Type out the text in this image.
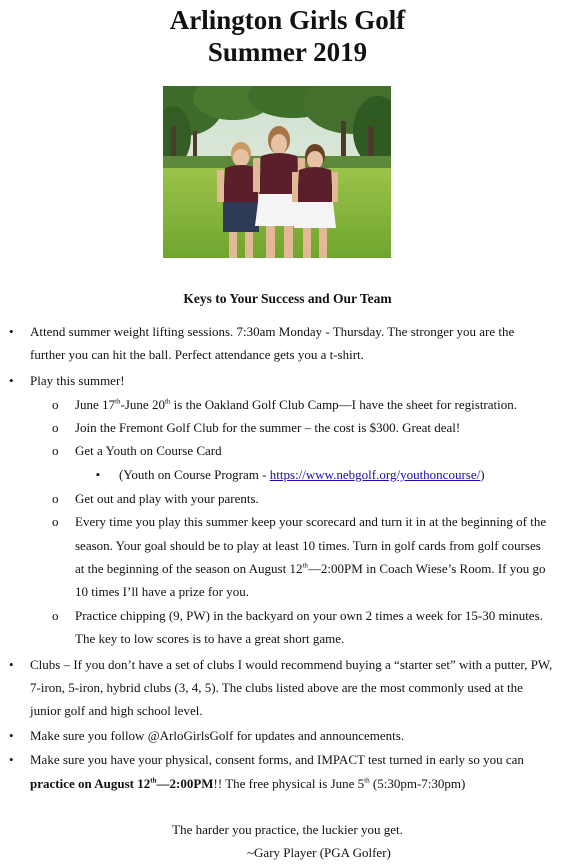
Arlington Girls Golf
Summer 2019
Keys to Your Success and Our Team
• Attend summer weight lifting sessions. 7:30am Monday - Thursday. The stronger you are the
further you can hit the ball. Perfect attendance gets you a t-shirt.
• Play this summer!
o June 17th-June 20th is the Oakland Golf Club Camp—I have the sheet for registration.
o Join the Fremont Golf Club for the summer – the cost is $300. Great deal!
o Get a Youth on Course Card
▪ (Youth on Course Program - https://www.nebgolf.org/youthoncourse/)
o Get out and play with your parents.
o Every time you play this summer keep your scorecard and turn it in at the beginning of the
season. Your goal should be to play at least 10 times. Turn in golf cards from golf courses
at the beginning of the season on August 12th—2:00PM in Coach Wiese’s Room. If you go
10 times I’ll have a prize for you.
o Practice chipping (9, PW) in the backyard on your own 2 times a week for 15-30 minutes.
The key to low scores is to have a great short game.
• Clubs – If you don’t have a set of clubs I would recommend buying a “starter set” with a putter, PW,
7-iron, 5-iron, hybrid clubs (3, 4, 5). The clubs listed above are the most commonly used at the
junior golf and high school level.
• Make sure you follow @ArloGirlsGolf for updates and announcements.
• Make sure you have your physical, consent forms, and IMPACT test turned in early so you can
practice on August 12th—2:00PM!! The free physical is June 5th (5:30pm-7:30pm)
The harder you practice, the luckier you get.
~Gary Player (PGA Golfer)
